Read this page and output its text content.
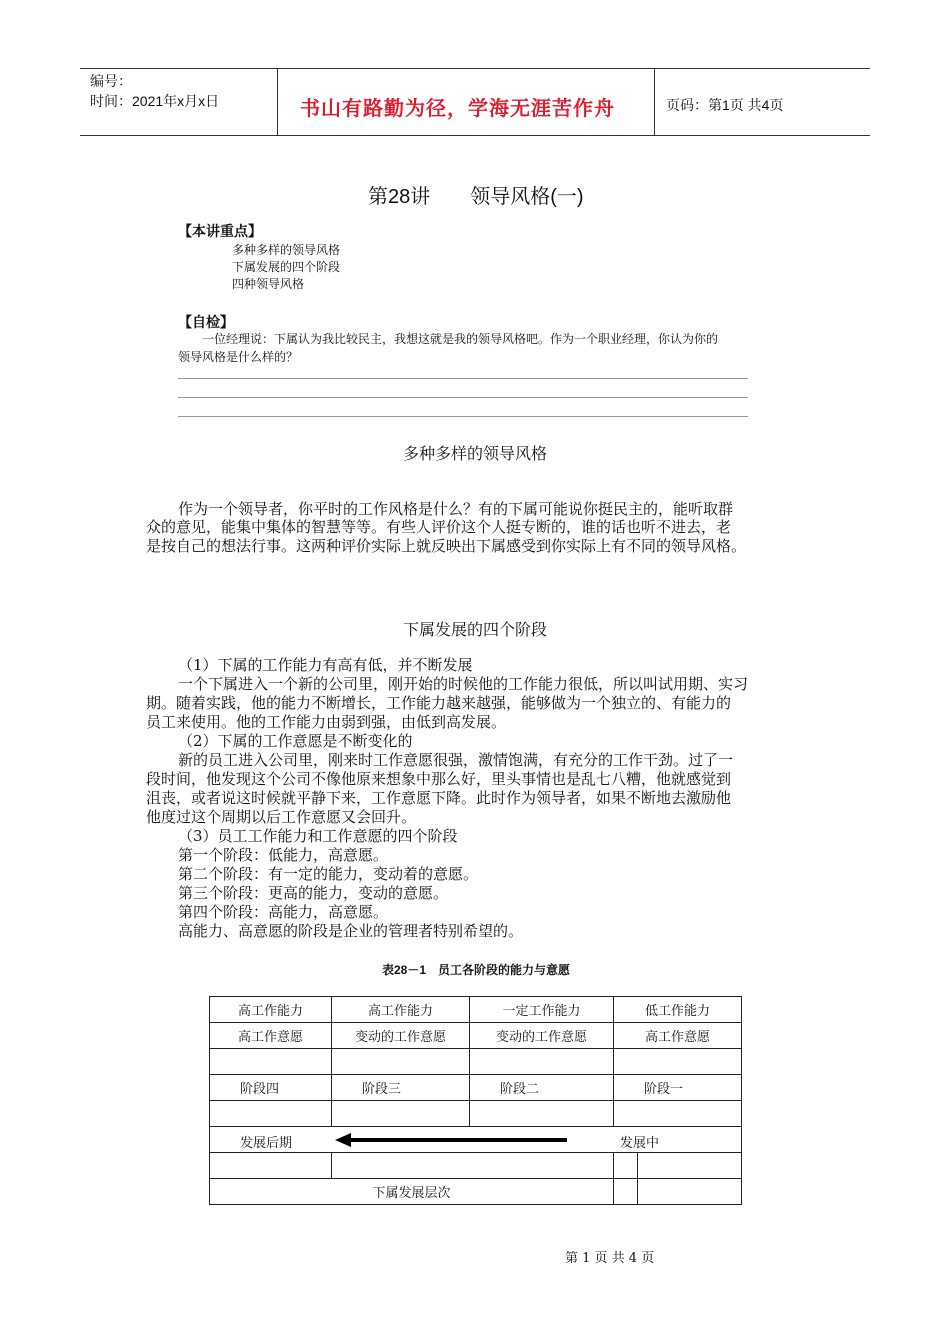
编号：
时间：2021年x月x日	书山有路勤为径，学海无涯苦作舟	页码：第1页 共4页
第28讲　　领导风格(一)
【本讲重点】
多种多样的领导风格
下属发展的四个阶段
四种领导风格
【自检】
一位经理说：下属认为我比较民主，我想这就是我的领导风格吧。作为一个职业经理，你认为你的
领导风格是什么样的？
多种多样的领导风格
作为一个领导者，你平时的工作风格是什么？有的下属可能说你挺民主的，能听取群
众的意见，能集中集体的智慧等等。有些人评价这个人挺专断的，谁的话也听不进去，老
是按自己的想法行事。这两种评价实际上就反映出下属感受到你实际上有不同的领导风格。
下属发展的四个阶段
（1）下属的工作能力有高有低，并不断发展
一个下属进入一个新的公司里，刚开始的时候他的工作能力很低，所以叫试用期、实习
期。随着实践，他的能力不断增长，工作能力越来越强，能够做为一个独立的、有能力的
员工来使用。他的工作能力由弱到强，由低到高发展。
（2）下属的工作意愿是不断变化的
新的员工进入公司里，刚来时工作意愿很强，激情饱满，有充分的工作干劲。过了一
段时间，他发现这个公司不像他原来想象中那么好，里头事情也是乱七八糟，他就感觉到
沮丧，或者说这时候就平静下来，工作意愿下降。此时作为领导者，如果不断地去激励他
他度过这个周期以后工作意愿又会回升。
（3）员工工作能力和工作意愿的四个阶段
第一个阶段：低能力，高意愿。
第二个阶段：有一定的能力，变动着的意愿。
第三个阶段：更高的能力，变动的意愿。
第四个阶段：高能力，高意愿。
高能力、高意愿的阶段是企业的管理者特别希望的。
表28－1　员工各阶段的能力与意愿
高工作能力	高工作能力	一定工作能力	低工作能力	
高工作意愿	变动的工作意愿	变动的工作意愿	高工作意愿	

阶段四	阶段三	阶段二	阶段一	

发展后期 发展中				

下属发展层次				
第 1 页 共 4 页
